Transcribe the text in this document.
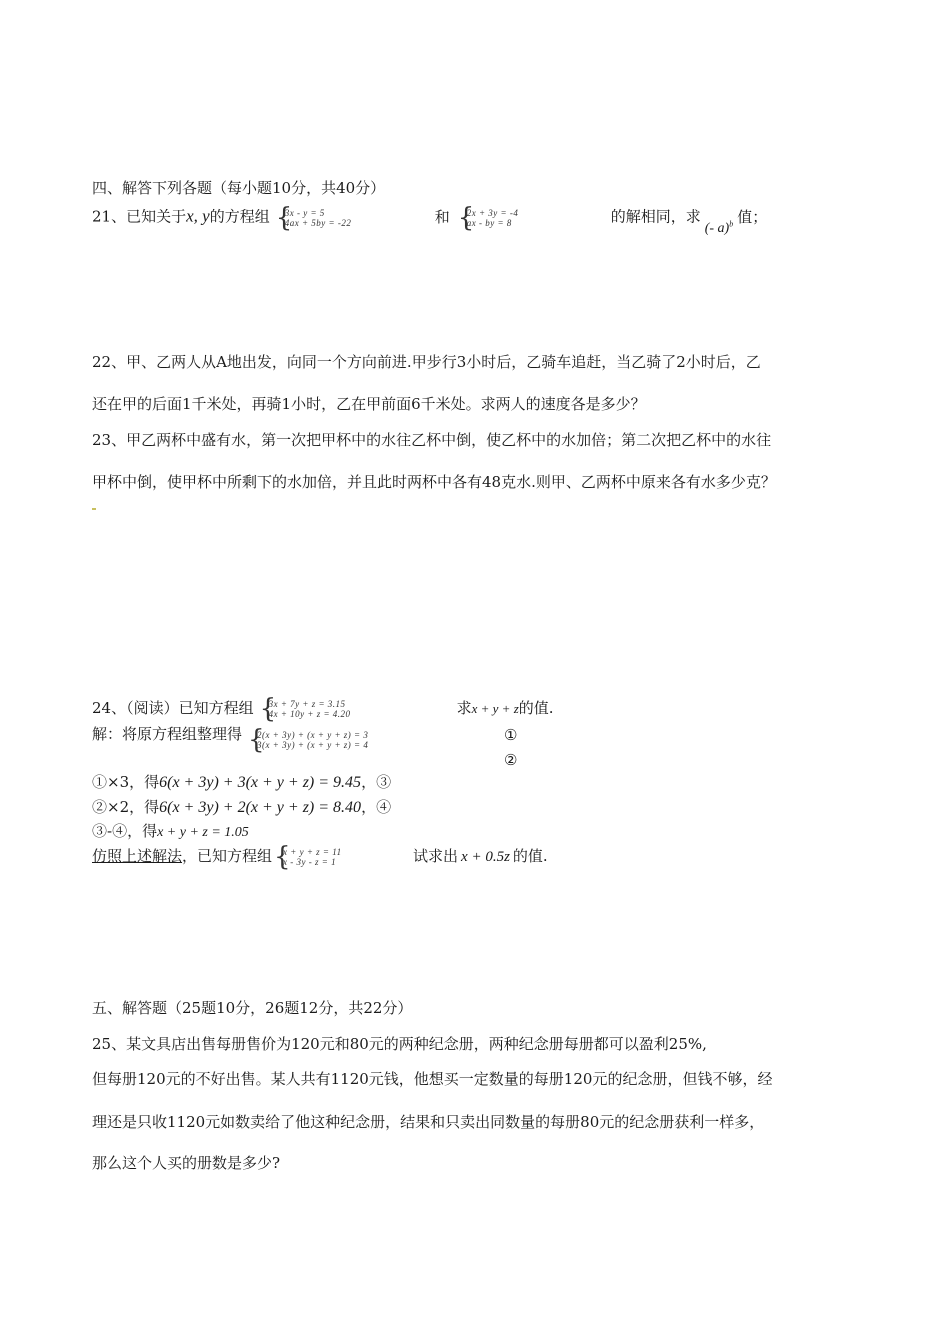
四、解答下列各题（每小题10分，共40分）
21、已知关于x, y的方程组 {
3x - y = 5
4ax + 5by = -22	和 {
2x + 3y = -4
ax - by = 8	的解相同，求(- a)$^b$ 值；
22、甲、乙两人从A地出发，向同一个方向前进.甲步行3小时后，乙骑车追赶，当乙骑了2小时后，乙
还在甲的后面1千米处，再骑1小时，乙在甲前面6千米处。求两人的速度各是多少？
23、甲乙两杯中盛有水，第一次把甲杯中的水往乙杯中倒，使乙杯中的水加倍；第二次把乙杯中的水往
甲杯中倒，使甲杯中所剩下的水加倍，并且此时两杯中各有48克水.则甲、乙两杯中原来各有水多少克？
24、（阅读）已知方程组 {
3x + 7y + z = 3.15
4x + 10y + z = 4.20	求x + y + z的值.
解：将原方程组整理得 {
2(x + 3y) + (x + y + z) = 3
3(x + 3y) + (x + y + z) = 4
①
②
①×3，得6(x + 3y) + 3(x + y + z) = 9.45，③
②×2，得6(x + 3y) + 2(x + y + z) = 8.40，④
③-④，得x + y + z = 1.05
仿照上述解法，已知方程组 {
x + y + z = 11
x - 3y - z = 1	试求出 x + 0.5z 的值.
五、解答题（25题10分，26题12分，共22分）
25、某文具店出售每册售价为120元和80元的两种纪念册，两种纪念册每册都可以盈利25%,
但每册120元的不好出售。某人共有1120元钱，他想买一定数量的每册120元的纪念册，但钱不够，经
理还是只收1120元如数卖给了他这种纪念册，结果和只卖出同数量的每册80元的纪念册获利一样多，
那么这个人买的册数是多少?
